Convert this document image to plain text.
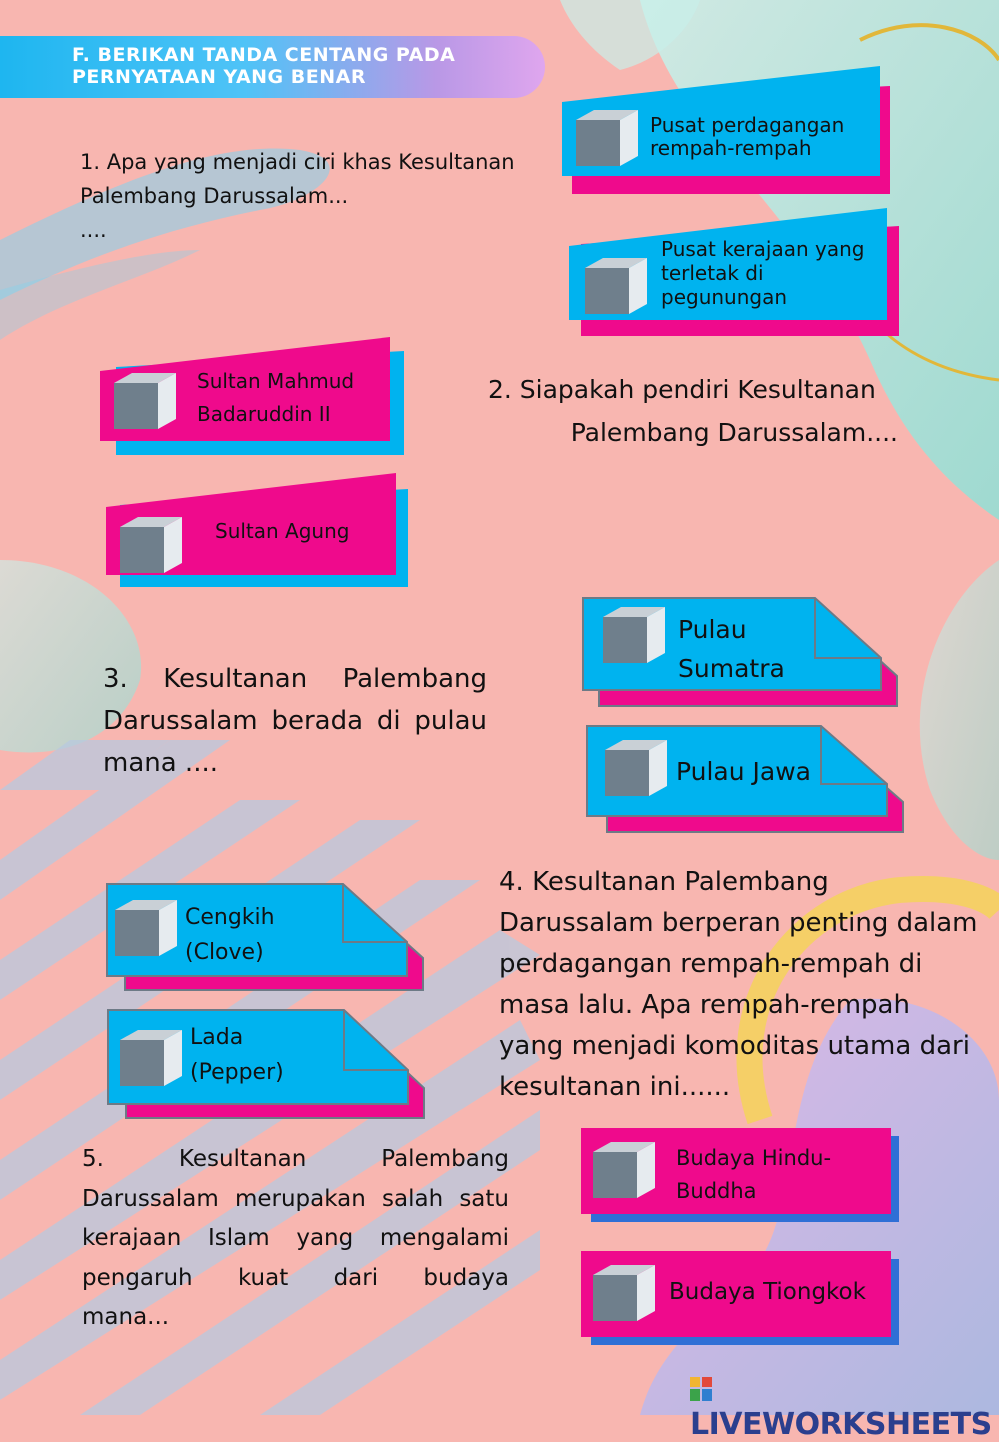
F. BERIKAN TANDA CENTANG PADA PERNYATAAN YANG BENAR
1. Apa yang menjadi ciri khas Kesultanan Palembang Darussalam...
....
Pusat perdagangan
rempah-rempah
Pusat kerajaan yang
terletak di
pegunungan
2. Siapakah pendiri Kesultanan
Palembang Darussalam....
Sultan Mahmud
Badaruddin II
Sultan Agung
3. Kesultanan Palembang
Darussalam berada di pulau
mana ....
Pulau
Sumatra
Pulau Jawa
4. Kesultanan Palembang Darussalam berperan penting dalam perdagangan rempah-rempah di masa lalu. Apa rempah-rempah yang menjadi komoditas utama dari kesultanan ini......
Cengkih
(Clove)
Lada
(Pepper)
5. Kesultanan Palembang
Darussalam merupakan salah satu
kerajaan Islam yang mengalami
pengaruh kuat dari budaya
mana...
Budaya Hindu-
Buddha
Budaya Tiongkok
LIVEWORKSHEETS
